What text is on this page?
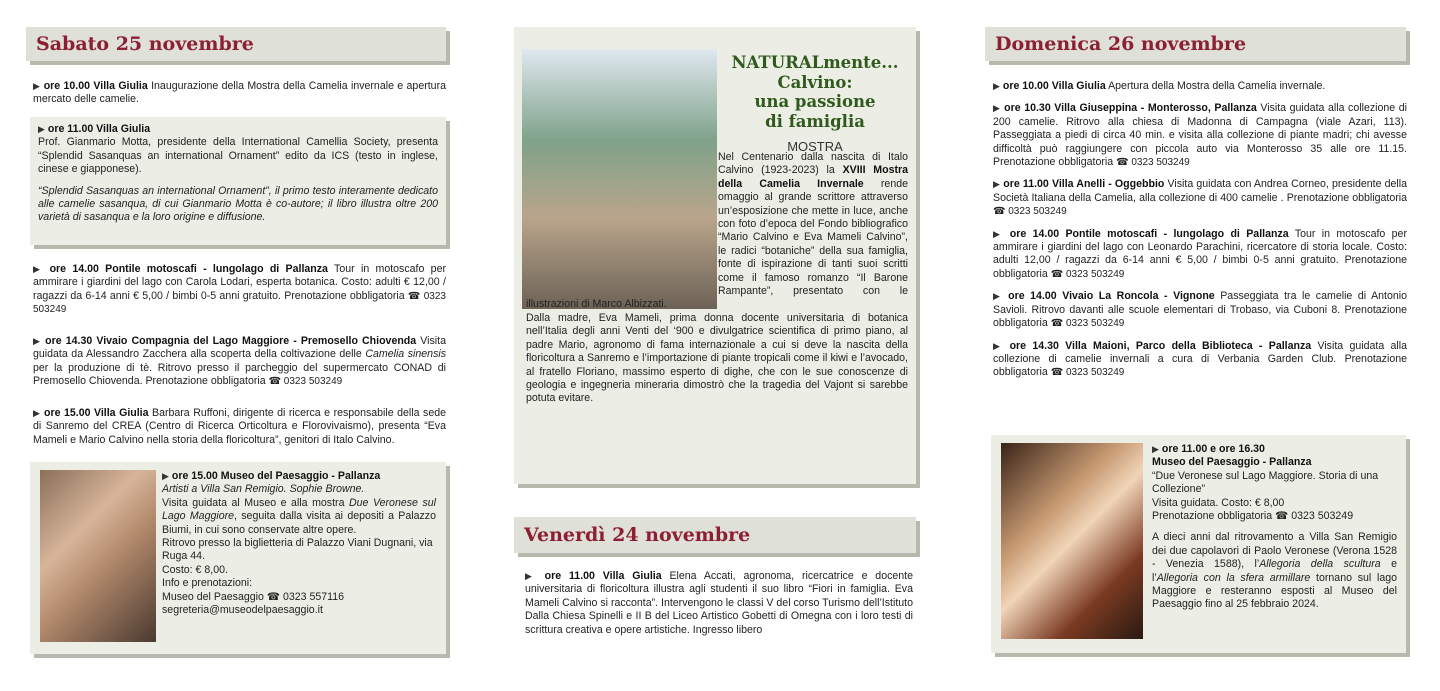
Sabato 25 novembre

▶ ore 10.00 Villa Giulia Inaugurazione della Mostra della Camelia invernale e apertura mercato delle camelie.

▶ ore 11.00 Villa Giulia

Prof. Gianmario Motta, presidente della International Camellia Society, presenta “Splendid Sasanquas an international Ornament” edito da ICS (testo in inglese, cinese e giapponese).

“Splendid Sasanquas an international Ornament”, il primo testo interamente dedicato alle camelie sasanqua, di cui Gianmario Motta è co-autore; il libro illustra oltre 200 varietà di sasanqua e la loro origine e diffusione.

▶ ore 14.00 Pontile motoscafi - lungolago di Pallanza Tour in motoscafo per ammirare i giardini del lago con Carola Lodari, esperta botanica. Costo: adulti € 12,00 / ragazzi da 6-14 anni € 5,00 / bimbi 0-5 anni gratuito. Prenotazione obbligatoria ☎ 0323 503249

▶ ore 14.30 Vivaio Compagnia del Lago Maggiore - Premosello Chiovenda Visita guidata da Alessandro Zacchera alla scoperta della coltivazione delle Camelia sinensis per la produzione di tè. Ritrovo presso il parcheggio del supermercato CONAD di Premosello Chiovenda. Prenotazione obbligatoria ☎ 0323 503249

▶ ore 15.00 Villa Giulia Barbara Ruffoni, dirigente di ricerca e responsabile della sede di Sanremo del CREA (Centro di Ricerca Orticoltura e Florovivaismo), presenta “Eva Mameli e Mario Calvino nella storia della floricoltura”, genitori di Italo Calvino.

▶ ore 15.00 Museo del Paesaggio - Pallanza

Artisti a Villa San Remigio. Sophie Browne.

Visita guidata al Museo e alla mostra Due Veronese sul Lago Maggiore, seguita dalla visita ai depositi a Palazzo Biumi, in cui sono conservate altre opere.

Ritrovo presso la biglietteria di Palazzo Viani Dugnani, via Ruga 44.

Costo: € 8,00.

Info e prenotazioni:

Museo del Paesaggio ☎ 0323 557116

segreteria@museodelpaesaggio.it

NATURALmente...
Calvino:
una passione
di famiglia
MOSTRA
Venerdì 24 novembre

▶ ore 11.00 Villa Giulia Elena Accati, agronoma, ricercatrice e docente universitaria di floricoltura illustra agli studenti il suo libro “Fiori in famiglia. Eva Mameli Calvino si racconta”. Intervengono le classi V del corso Turismo dell’Istituto Dalla Chiesa Spinelli e II B del Liceo Artistico Gobetti di Omegna con i loro testi di scrittura creativa e opere artistiche. Ingresso libero

Domenica 26 novembre

▶ ore 10.00 Villa Giulia Apertura della Mostra della Camelia invernale.

▶ ore 10.30 Villa Giuseppina - Monterosso, Pallanza Visita guidata alla collezione di 200 camelie. Ritrovo alla chiesa di Madonna di Campagna (viale Azari, 113). Passeggiata a piedi di circa 40 min. e visita alla collezione di piante madri; chi avesse difficoltà può raggiungere con piccola auto via Monterosso 35 alle ore 11.15. Prenotazione obbligatoria ☎ 0323 503249

▶ ore 11.00 Villa Anelli - Oggebbio Visita guidata con Andrea Corneo, presidente della Società Italiana della Camelia, alla collezione di 400 camelie . Prenotazione obbligatoria ☎ 0323 503249

▶ ore 14.00 Pontile motoscafi - lungolago di Pallanza Tour in motoscafo per ammirare i giardini del lago con Leonardo Parachini, ricercatore di storia locale. Costo: adulti 12,00 / ragazzi da 6-14 anni € 5,00 / bimbi 0-5 anni gratuito. Prenotazione obbligatoria ☎ 0323 503249

▶ ore 14.00 Vivaio La Roncola - Vignone Passeggiata tra le camelie di Antonio Savioli. Ritrovo davanti alle scuole elementari di Trobaso, via Cuboni 8. Prenotazione obbligatoria ☎ 0323 503249

▶ ore 14.30 Villa Maioni, Parco della Biblioteca - Pallanza Visita guidata alla collezione di camelie invernali a cura di Verbania Garden Club. Prenotazione obbligatoria ☎ 0323 503249

▶ ore 11.00 e ore 16.30

Museo del Paesaggio - Pallanza

“Due Veronese sul Lago Maggiore. Storia di una Collezione”

Visita guidata. Costo: € 8,00

Prenotazione obbligatoria ☎ 0323 503249

A dieci anni dal ritrovamento a Villa San Remigio dei due capolavori di Paolo Veronese (Verona 1528 - Venezia 1588), l’Allegoria della scultura e l’Allegoria con la sfera armillare tornano sul lago Maggiore e resteranno esposti al Museo del Paesaggio fino al 25 febbraio 2024.

Nel Centenario dalla nascita di Italo Calvino (1923-2023) la XVIII Mostra della Camelia Invernale rende omaggio al grande scrittore attraverso un’esposizione che mette in luce, anche con foto d’epoca del Fondo bibliografico “Mario Calvino e Eva Mameli Calvino”, le radici “botaniche” della sua famiglia, fonte di ispirazione di tanti suoi scritti come il famoso romanzo “Il Barone Rampante”, presentato con le illustrazioni di Marco Albizzati.

Dalla madre, Eva Mameli, prima donna docente universitaria di botanica nell’Italia degli anni Venti del ‘900 e divulgatrice scientifica di primo piano, al padre Mario, agronomo di fama internazionale a cui si deve la nascita della floricoltura a Sanremo e l’importazione di piante tropicali come il kiwi e l’avocado, al fratello Floriano, massimo esperto di dighe, che con le sue conoscenze di geologia e ingegneria mineraria dimostrò che la tragedia del Vajont si sarebbe potuta evitare.
